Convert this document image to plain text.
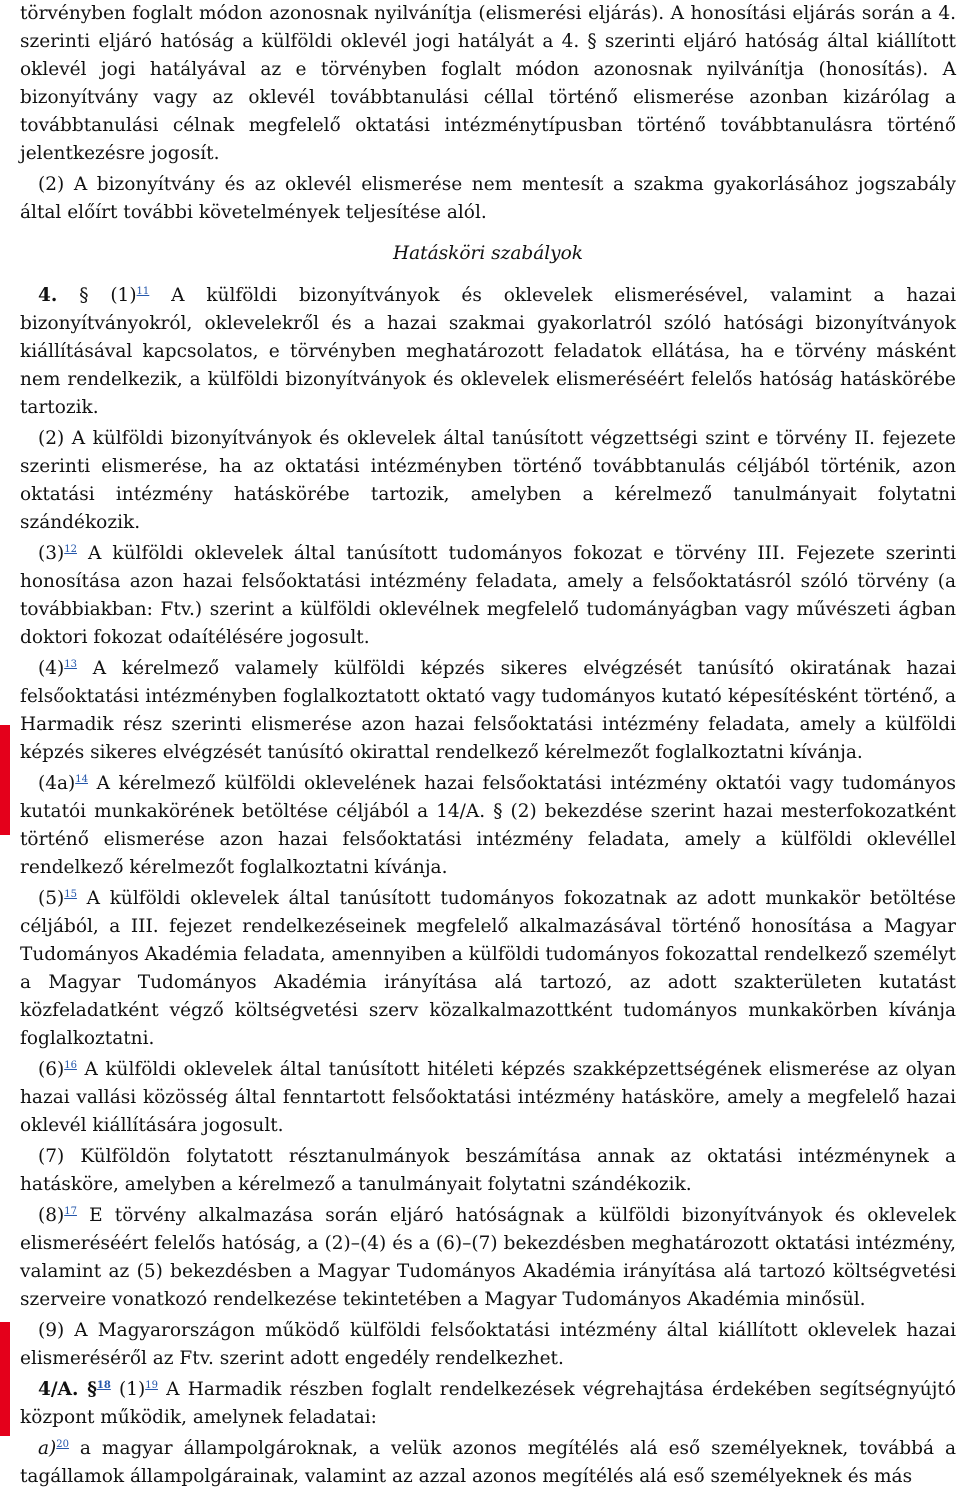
törvényben foglalt módon azonosnak nyilvánítja (elismerési eljárás). A honosítási eljárás során a 4. szerinti eljáró hatóság a külföldi oklevél jogi hatályát a 4. § szerinti eljáró hatóság által kiállított oklevél jogi hatályával az e törvényben foglalt módon azonosnak nyilvánítja (honosítás). A bizonyítvány vagy az oklevél továbbtanulási céllal történő elismerése azonban kizárólag a továbbtanulási célnak megfelelő oktatási intézménytípusban történő továbbtanulásra történő jelentkezésre jogosít.

(2) A bizonyítvány és az oklevél elismerése nem mentesít a szakma gyakorlásához jogszabály által előírt további követelmények teljesítése alól.

Hatásköri szabályok

4. § (1)$^{11}$ A külföldi bizonyítványok és oklevelek elismerésével, valamint a hazai bizonyítványokról, oklevelekről és a hazai szakmai gyakorlatról szóló hatósági bizonyítványok kiállításával kapcsolatos, e törvényben meghatározott feladatok ellátása, ha e törvény másként nem rendelkezik, a külföldi bizonyítványok és oklevelek elismeréséért felelős hatóság hatáskörébe tartozik.

(2) A külföldi bizonyítványok és oklevelek által tanúsított végzettségi szint e törvény II. fejezete szerinti elismerése, ha az oktatási intézményben történő továbbtanulás céljából történik, azon oktatási intézmény hatáskörébe tartozik, amelyben a kérelmező tanulmányait folytatni szándékozik.

(3)$^{12}$ A külföldi oklevelek által tanúsított tudományos fokozat e törvény III. Fejezete szerinti honosítása azon hazai felsőoktatási intézmény feladata, amely a felsőoktatásról szóló törvény (a továbbiakban: Ftv.) szerint a külföldi oklevélnek megfelelő tudományágban vagy művészeti ágban doktori fokozat odaítélésére jogosult.

(4)$^{13}$ A kérelmező valamely külföldi képzés sikeres elvégzését tanúsító okiratának hazai felsőoktatási intézményben foglalkoztatott oktató vagy tudományos kutató képesítésként történő, a Harmadik rész szerinti elismerése azon hazai felsőoktatási intézmény feladata, amely a külföldi képzés sikeres elvégzését tanúsító okirattal rendelkező kérelmezőt foglalkoztatni kívánja.

(4a)$^{14}$ A kérelmező külföldi oklevelének hazai felsőoktatási intézmény oktatói vagy tudományos kutatói munkakörének betöltése céljából a 14/A. § (2) bekezdése szerint hazai mesterfokozatként történő elismerése azon hazai felsőoktatási intézmény feladata, amely a külföldi oklevéllel rendelkező kérelmezőt foglalkoztatni kívánja.

(5)$^{15}$ A külföldi oklevelek által tanúsított tudományos fokozatnak az adott munkakör betöltése céljából, a III. fejezet rendelkezéseinek megfelelő alkalmazásával történő honosítása a Magyar Tudományos Akadémia feladata, amennyiben a külföldi tudományos fokozattal rendelkező személyt a Magyar Tudományos Akadémia irányítása alá tartozó, az adott szakterületen kutatást közfeladatként végző költségvetési szerv közalkalmazottként tudományos munkakörben kívánja foglalkoztatni.

(6)$^{16}$ A külföldi oklevelek által tanúsított hitéleti képzés szakképzettségének elismerése az olyan hazai vallási közösség által fenntartott felsőoktatási intézmény hatásköre, amely a megfelelő hazai oklevél kiállítására jogosult.

(7) Külföldön folytatott résztanulmányok beszámítása annak az oktatási intézménynek a hatásköre, amelyben a kérelmező a tanulmányait folytatni szándékozik.

(8)$^{17}$ E törvény alkalmazása során eljáró hatóságnak a külföldi bizonyítványok és oklevelek elismeréséért felelős hatóság, a (2)–(4) és a (6)–(7) bekezdésben meghatározott oktatási intézmény, valamint az (5) bekezdésben a Magyar Tudományos Akadémia irányítása alá tartozó költségvetési szerveire vonatkozó rendelkezése tekintetében a Magyar Tudományos Akadémia minősül.

(9) A Magyarországon működő külföldi felsőoktatási intézmény által kiállított oklevelek hazai elismeréséről az Ftv. szerint adott engedély rendelkezhet.

4/A. §$^{18}$ (1)$^{19}$ A Harmadik részben foglalt rendelkezések végrehajtása érdekében segítségnyújtó központ működik, amelynek feladatai:

a)$^{20}$ a magyar állampolgároknak, a velük azonos megítélés alá eső személyeknek, továbbá a tagállamok állampolgárainak, valamint az azzal azonos megítélés alá eső személyeknek és más
